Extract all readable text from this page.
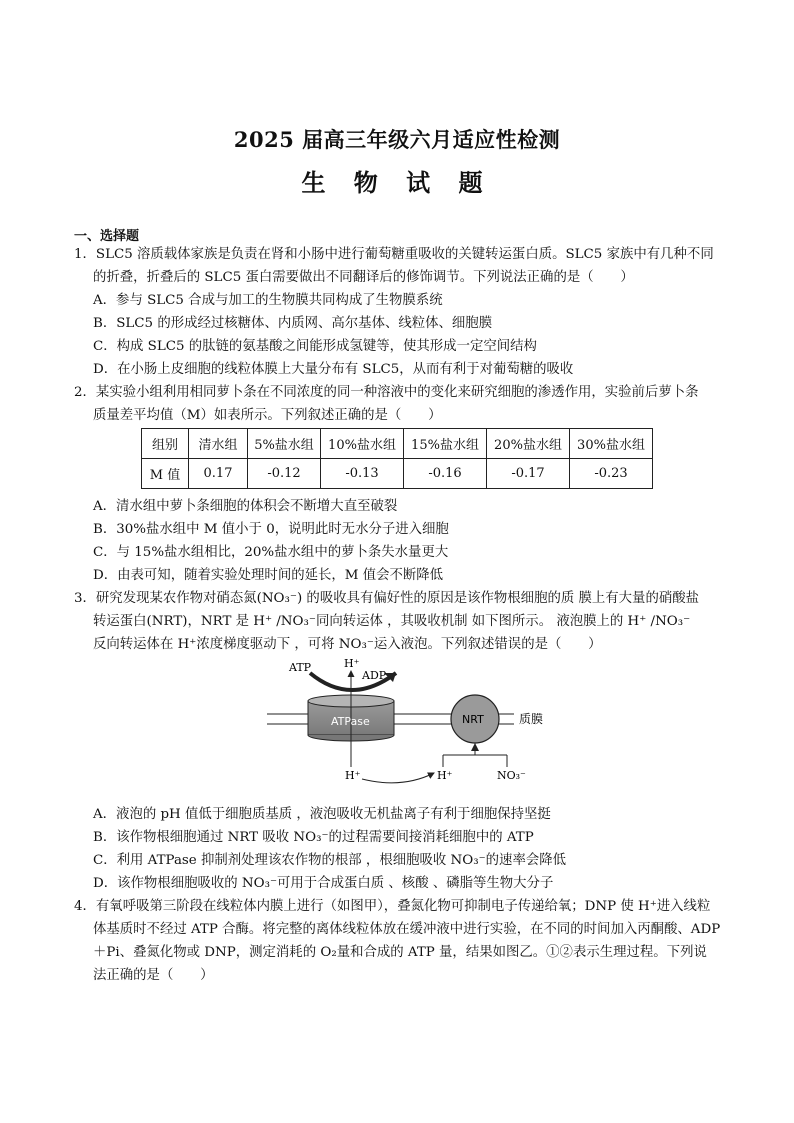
2025 届高三年级六月适应性检测
生 物 试 题
一、选择题
1．SLC5 溶质载体家族是负责在肾和小肠中进行葡萄糖重吸收的关键转运蛋白质。SLC5 家族中有几种不同
的折叠，折叠后的 SLC5 蛋白需要做出不同翻译后的修饰调节。下列说法正确的是（　　）
A．参与 SLC5 合成与加工的生物膜共同构成了生物膜系统
B．SLC5 的形成经过核糖体、内质网、高尔基体、线粒体、细胞膜
C．构成 SLC5 的肽链的氨基酸之间能形成氢键等，使其形成一定空间结构
D．在小肠上皮细胞的线粒体膜上大量分布有 SLC5，从而有利于对葡萄糖的吸收
2．某实验小组利用相同萝卜条在不同浓度的同一种溶液中的变化来研究细胞的渗透作用，实验前后萝卜条
质量差平均值（M）如表所示。下列叙述正确的是（　　）
组别	清水组	5%盐水组	10%盐水组	15%盐水组	20%盐水组	30%盐水组
M 值	0.17	-0.12	-0.13	-0.16	-0.17	-0.23
A．清水组中萝卜条细胞的体积会不断增大直至破裂
B．30%盐水组中 M 值小于 0，说明此时无水分子进入细胞
C．与 15%盐水组相比，20%盐水组中的萝卜条失水量更大
D．由表可知，随着实验处理时间的延长，M 值会不断降低
3．研究发现某农作物对硝态氮(NO₃⁻) 的吸收具有偏好性的原因是该作物根细胞的质 膜上有大量的硝酸盐
转运蛋白(NRT)，NRT 是 H⁺ /NO₃⁻同向转运体 ，其吸收机制 如下图所示。 液泡膜上的 H⁺ /NO₃⁻
反向转运体在 H⁺浓度梯度驱动下 ，可将 NO₃⁻运入液泡。下列叙述错误的是（　　）
ATP	H⁺
ADP
ATPase	NRT	质膜
H⁺	H⁺	NO₃⁻
A．液泡的 pH 值低于细胞质基质 ，液泡吸收无机盐离子有利于细胞保持坚挺
B．该作物根细胞通过 NRT 吸收 NO₃⁻的过程需要间接消耗细胞中的 ATP
C．利用 ATPase 抑制剂处理该农作物的根部 ，根细胞吸收 NO₃⁻的速率会降低
D．该作物根细胞吸收的 NO₃⁻可用于合成蛋白质 、核酸 、磷脂等生物大分子
4．有氧呼吸第三阶段在线粒体内膜上进行（如图甲），叠氮化物可抑制电子传递给氧；DNP 使 H⁺进入线粒
体基质时不经过 ATP 合酶。将完整的离体线粒体放在缓冲液中进行实验，在不同的时间加入丙酮酸、ADP
＋Pi、叠氮化物或 DNP，测定消耗的 O₂量和合成的 ATP 量，结果如图乙。①②表示生理过程。下列说
法正确的是（　　）
